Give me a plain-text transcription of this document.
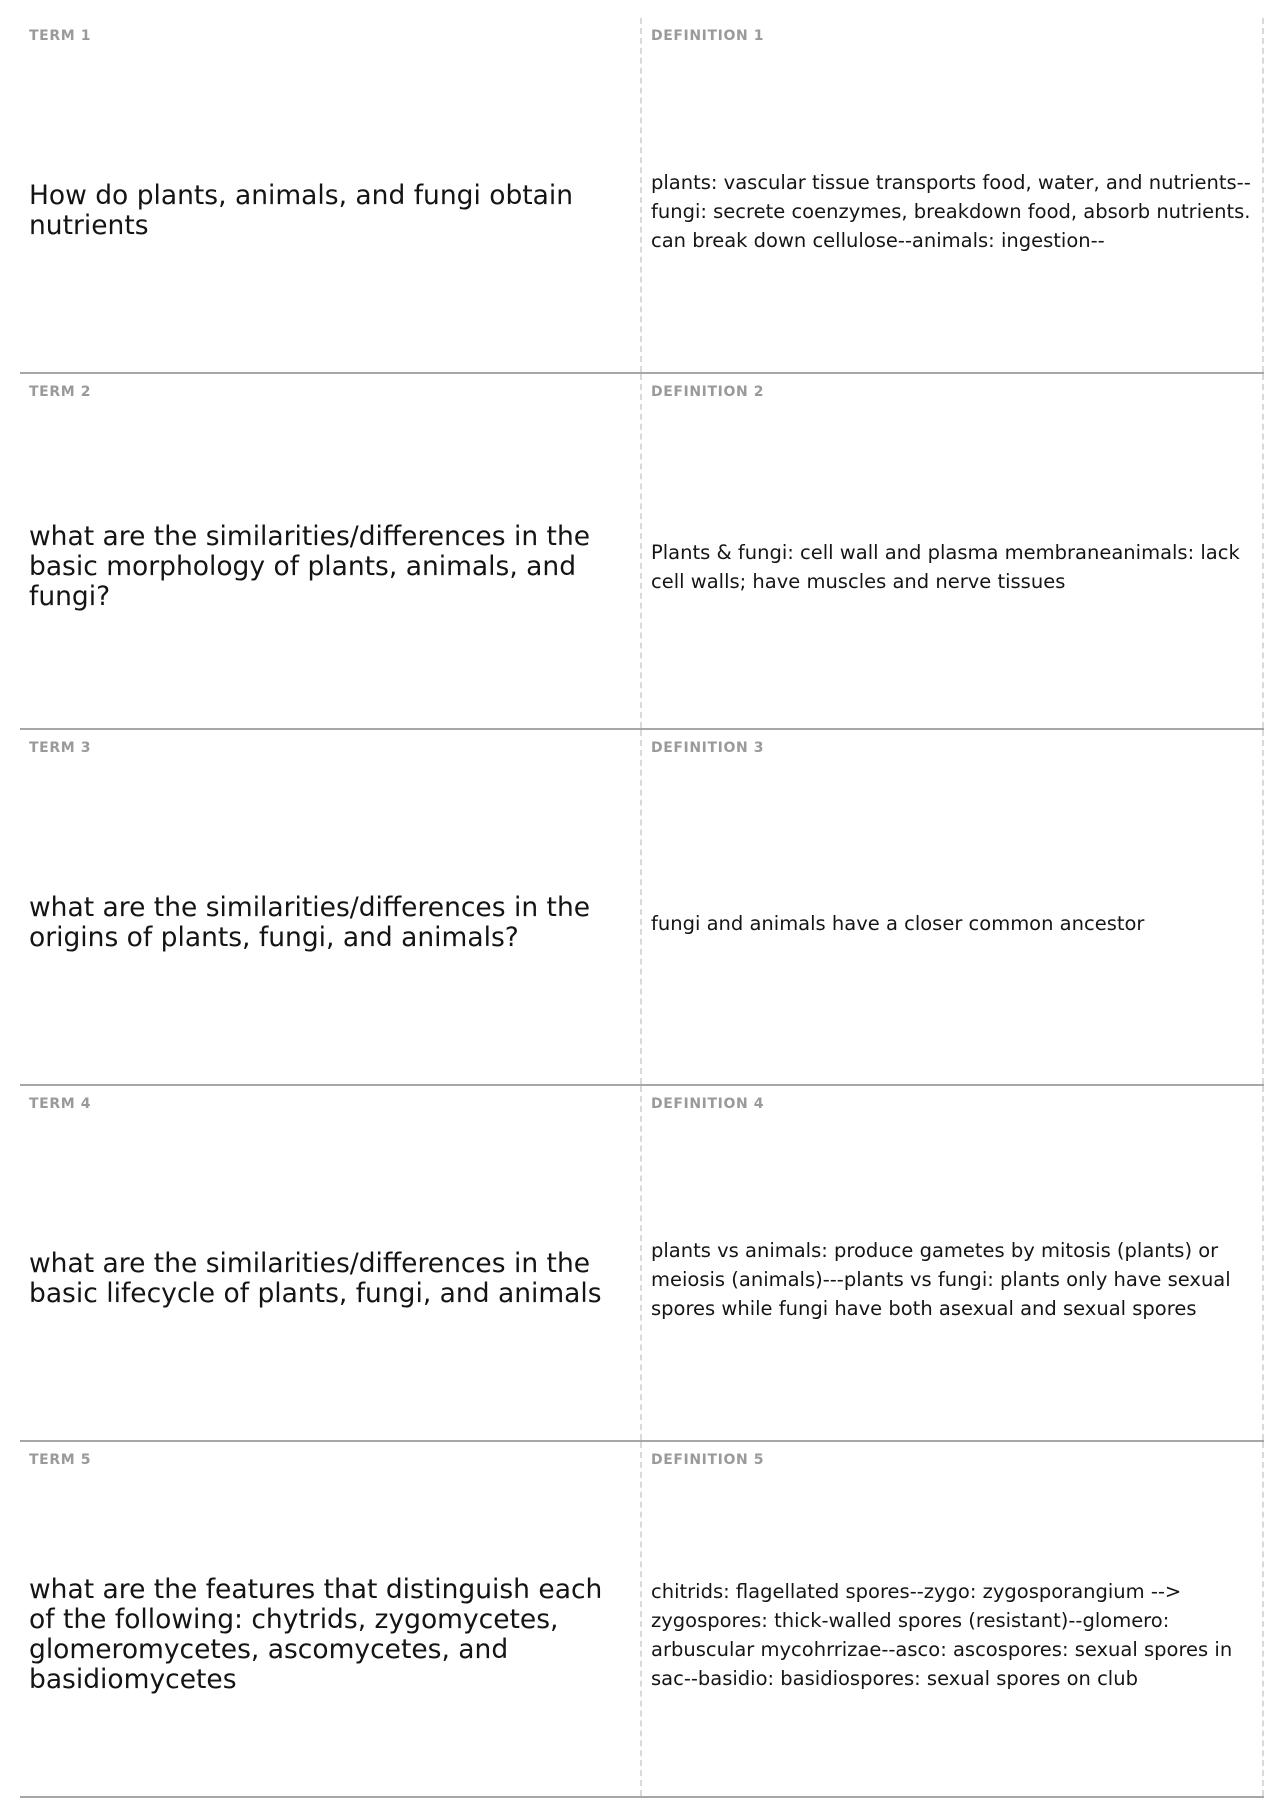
TERM 1
How do plants, animals, and fungi obtain nutrients
DEFINITION 1
plants: vascular tissue transports food, water, and nutrients--fungi: secrete coenzymes, breakdown food, absorb nutrients. can break down cellulose--animals: ingestion--
TERM 2
what are the similarities/differences in the basic morphology of plants, animals, and fungi?
DEFINITION 2
Plants & fungi: cell wall and plasma membraneanimals: lack cell walls; have muscles and nerve tissues
TERM 3
what are the similarities/differences in the origins of plants, fungi, and animals?
DEFINITION 3
fungi and animals have a closer common ancestor
TERM 4
what are the similarities/differences in the basic lifecycle of plants, fungi, and animals
DEFINITION 4
plants vs animals: produce gametes by mitosis (plants) or meiosis (animals)---plants vs fungi: plants only have sexual spores while fungi have both asexual and sexual spores
TERM 5
what are the features that distinguish each of the following: chytrids, zygomycetes, glomeromycetes, ascomycetes, and basidiomycetes
DEFINITION 5
chitrids: flagellated spores--zygo: zygosporangium --> zygospores: thick-walled spores (resistant)--glomero: arbuscular mycohrrizae--asco: ascospores: sexual spores in sac--basidio: basidiospores: sexual spores on club
